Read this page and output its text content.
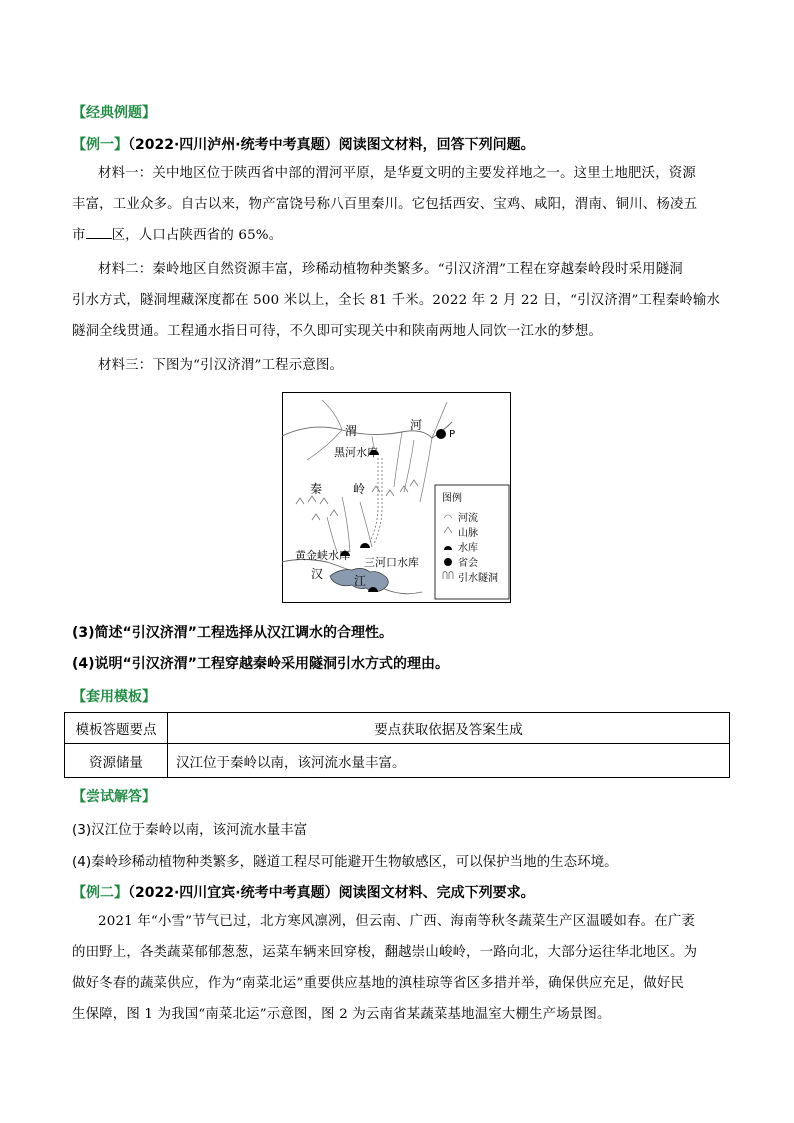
【经典例题】
【例一】（2022·四川泸州·统考中考真题）阅读图文材料，回答下列问题。
材料一：关中地区位于陕西省中部的渭河平原，是华夏文明的主要发祥地之一。这里土地肥沃，资源
丰富，工业众多。自古以来，物产富饶号称八百里秦川。它包括西安、宝鸡、咸阳，渭南、铜川、杨凌五
市 区，人口占陕西省的 65%。
材料二：秦岭地区自然资源丰富，珍稀动植物种类繁多。“引汉济渭”工程在穿越秦岭段时采用隧洞
引水方式，隧洞埋藏深度都在 500 米以上，全长 81 千米。2022 年 2 月 22 日，“引汉济渭”工程秦岭输水
隧洞全线贯通。工程通水指日可待，不久即可实现关中和陕南两地人同饮一江水的梦想。
材料三：下图为“引汉济渭”工程示意图。
渭	河
P
黑河水库
秦	岭
黄金峡水库
三河口水库
汉	江
图例
河流
山脉
水库
省会
引水隧洞
(3)简述“引汉济渭”工程选择从汉江调水的合理性。
(4)说明“引汉济渭”工程穿越秦岭采用隧洞引水方式的理由。
【套用模板】
模板答题要点	要点获取依据及答案生成
资源储量	汉江位于秦岭以南，该河流水量丰富。
【尝试解答】
(3)汉江位于秦岭以南，该河流水量丰富
(4)秦岭珍稀动植物种类繁多，隧道工程尽可能避开生物敏感区，可以保护当地的生态环境。
【例二】（2022·四川宜宾·统考中考真题）阅读图文材料、完成下列要求。
2021 年“小雪”节气已过，北方寒风凛冽，但云南、广西、海南等秋冬蔬菜生产区温暖如春。在广袤
的田野上，各类蔬菜郁郁葱葱，运菜车辆来回穿梭，翻越崇山峻岭，一路向北，大部分运往华北地区。为
做好冬春的蔬菜供应，作为“南菜北运”重要供应基地的滇桂琼等省区多措并举，确保供应充足，做好民
生保障，图 1 为我国“南菜北运”示意图，图 2 为云南省某蔬菜基地温室大棚生产场景图。
